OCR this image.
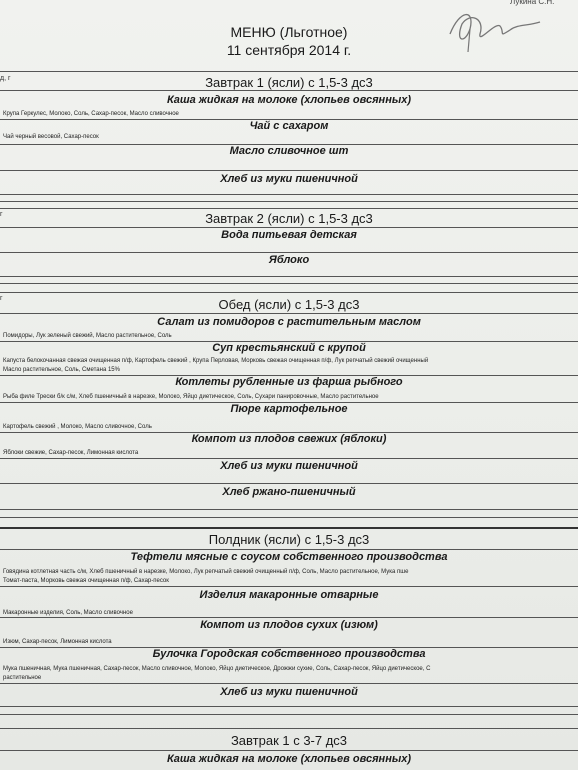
Лукина С.Н.
МЕНЮ (Льготное)
11 сентября 2014 г.
д, г	Завтрак 1 (ясли) с 1,5-3 дс3
Каша жидкая на молоке (хлопьев овсянных)
Крупа Геркулес, Молоко, Соль, Сахар-песок, Масло сливочное
Чай с сахаром
Чай черный весовой, Сахар-песок
Масло сливочное шт
Хлеб из муки пшеничной
г	Завтрак 2 (ясли) с 1,5-3 дс3
Вода питьевая детская
Яблоко
г	Обед (ясли) с 1,5-3 дс3
Салат из помидоров с растительным маслом
Помидоры, Лук зеленый свежий, Масло растительное, Соль
Суп крестьянский с крупой
Капуста белокочанная свежая очищенная п/ф, Картофель свежий , Крупа Перловая, Морковь свежая очищенная п/ф, Лук репчатый свежий очищенный
Масло растительное, Соль, Сметана 15%
Котлеты рубленные из фарша рыбного
Рыба филе Трески б/к с/м, Хлеб пшеничный в нарезке, Молоко, Яйцо диетическое, Соль, Сухари панировочные, Масло растительное
Пюре картофельное
Картофель свежий , Молоко, Масло сливочное, Соль
Компот из плодов свежих (яблоки)
Яблоки свежие, Сахар-песок, Лимонная кислота
Хлеб из муки пшеничной
Хлеб ржано-пшеничный
Полдник (ясли) с 1,5-3 дс3
Тефтели мясные с соусом собственного производства
Говядина котлетная часть с/м, Хлеб пшеничный в нарезке, Молоко, Лук репчатый свежий очищенный п/ф, Соль, Масло растительное, Мука пше
Томат-паста, Морковь свежая очищенная п/ф, Сахар-песок
Изделия макаронные отварные
Макаронные изделия, Соль, Масло сливочное
Компот из плодов сухих (изюм)
Изюм, Сахар-песок, Лимонная кислота
Булочка Городская собственного производства
Мука пшеничная, Мука пшеничная, Сахар-песок, Масло сливочное, Молоко, Яйцо диетическое, Дрожжи сухие, Соль, Сахар-песок, Яйцо диетическое, С
растительное
Хлеб из муки пшеничной
Завтрак 1 с 3-7 дс3
Каша жидкая на молоке (хлопьев овсянных)
